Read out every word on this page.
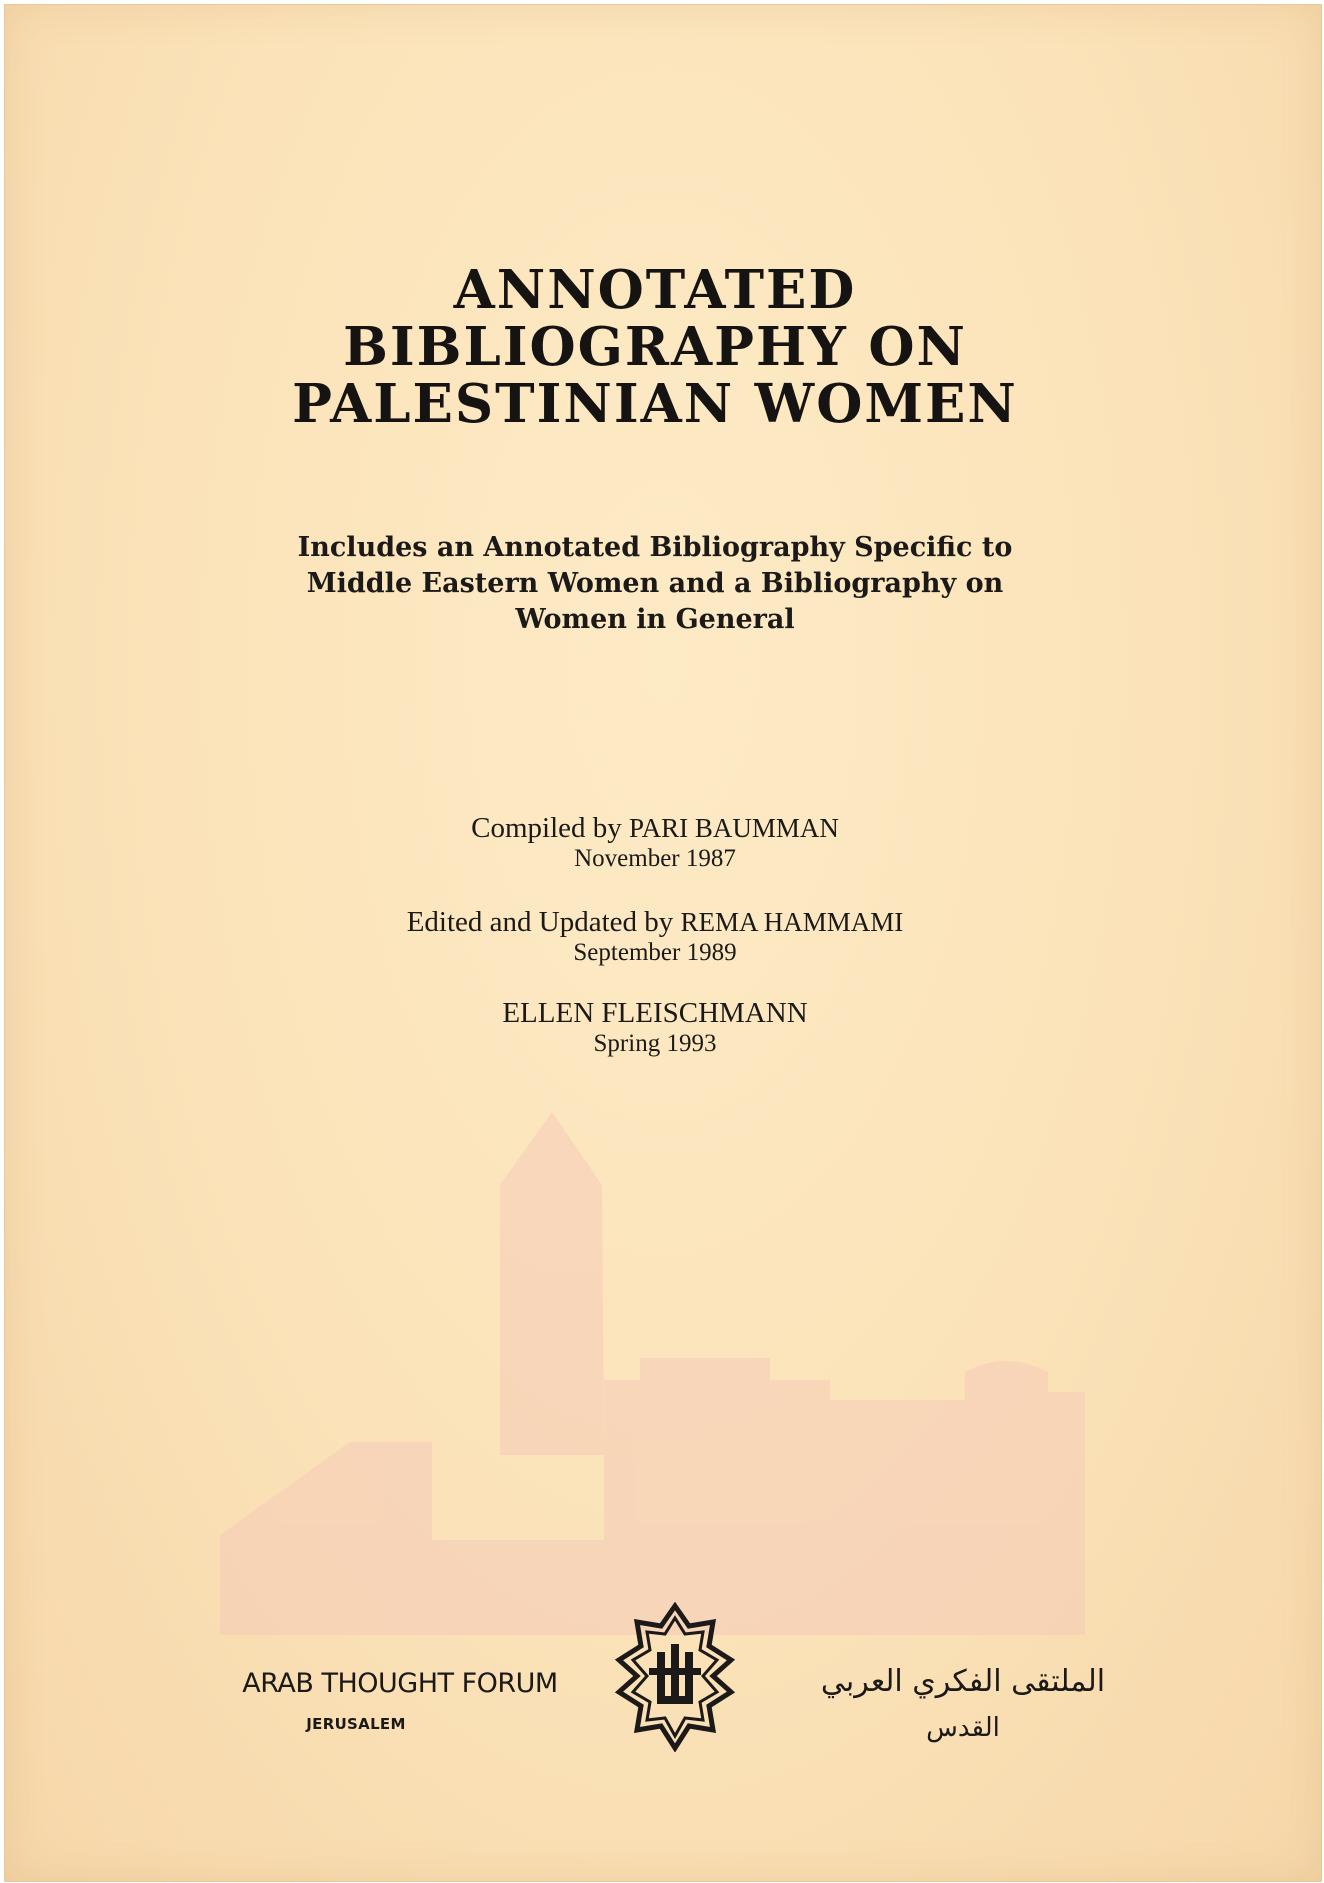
ANNOTATED
BIBLIOGRAPHY ON
PALESTINIAN WOMEN
Includes an Annotated Bibliography Specific to
Middle Eastern Women and a Bibliography on
Women in General
Compiled by PARI BAUMMAN
November 1987
Edited and Updated by REMA HAMMAMI
September 1989
ELLEN FLEISCHMANN
Spring 1993
ARAB THOUGHT FORUM
JERUSALEM
الملتقى الفكري العربي
القدس
